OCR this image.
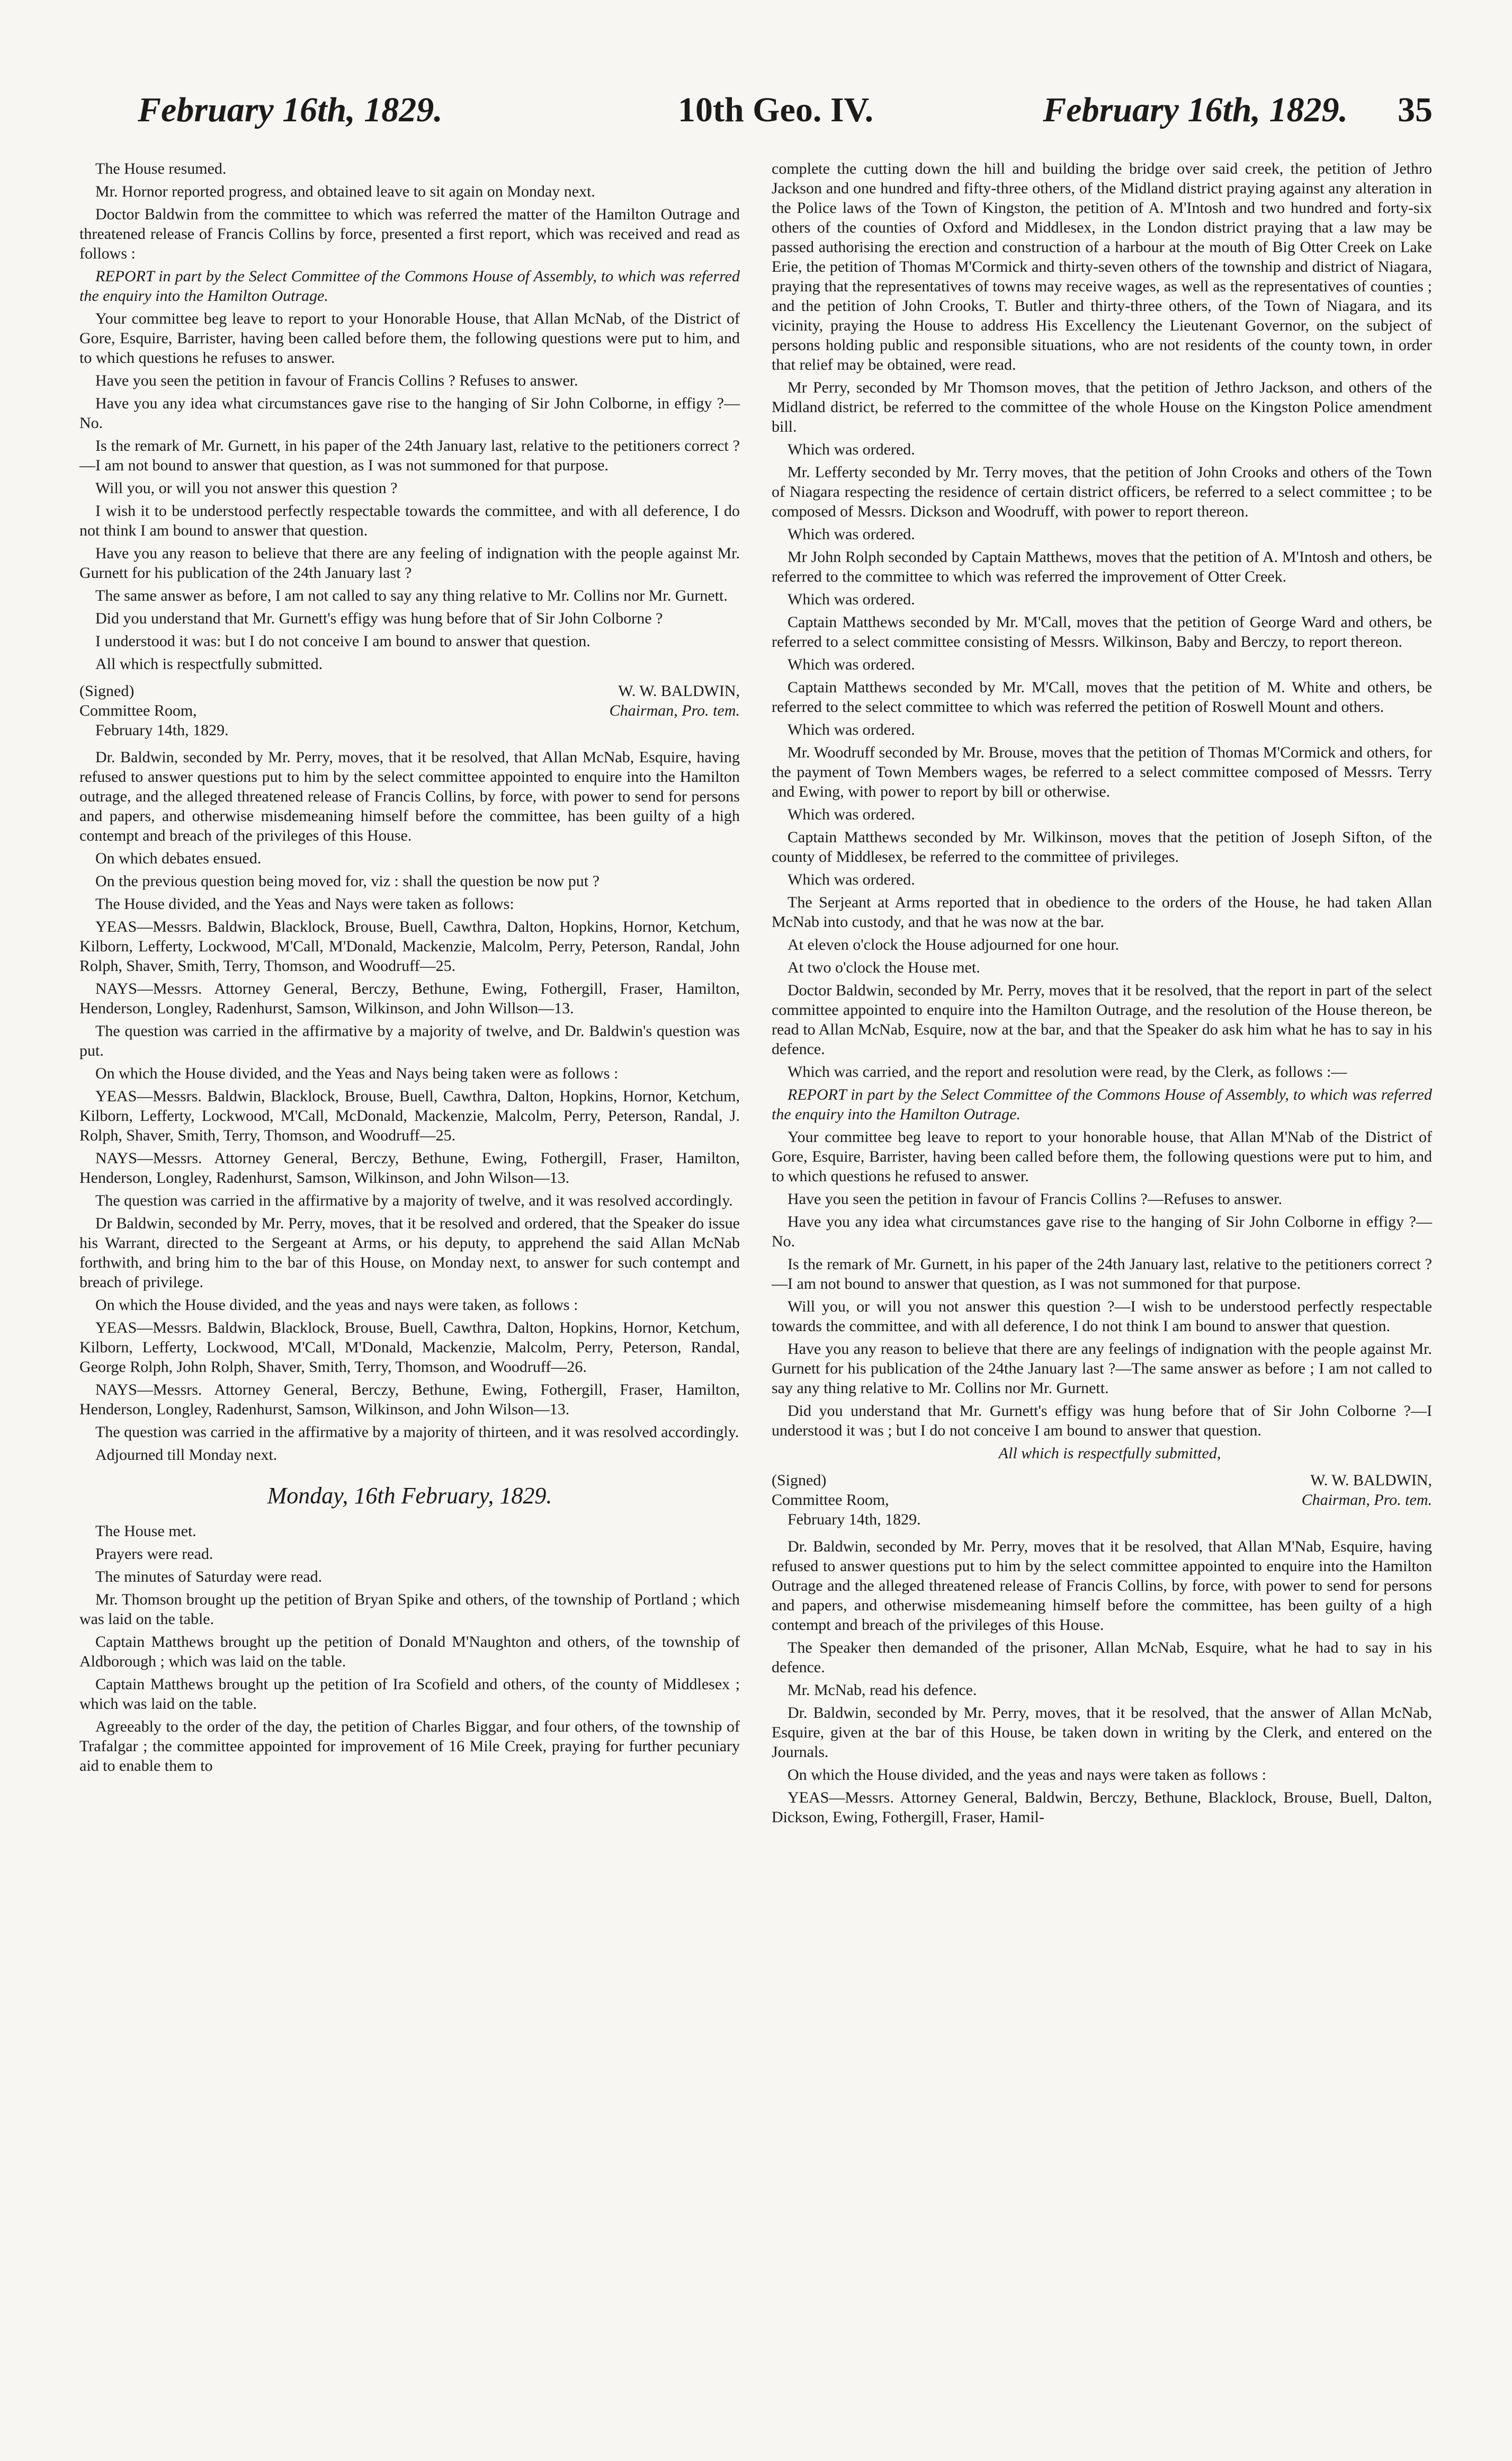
February 16th, 1829.	10th Geo. IV.	February 16th, 1829. 35

The House resumed.

Mr. Hornor reported progress, and obtained leave to sit again on Monday next.

Doctor Baldwin from the committee to which was referred the matter of the Hamilton Outrage and threatened release of Francis Collins by force, presented a first report, which was received and read as follows :

REPORT in part by the Select Committee of the Commons House of Assembly, to which was referred the enquiry into the Hamilton Outrage.

Your committee beg leave to report to your Honorable House, that Allan McNab, of the District of Gore, Esquire, Barrister, having been called before them, the following questions were put to him, and to which questions he refuses to answer.

Have you seen the petition in favour of Francis Collins ? Refuses to answer.

Have you any idea what circumstances gave rise to the hanging of Sir John Colborne, in effigy ?—No.

Is the remark of Mr. Gurnett, in his paper of the 24th January last, relative to the petitioners correct ?—I am not bound to answer that question, as I was not summoned for that purpose.

Will you, or will you not answer this question ?

I wish it to be understood perfectly respectable towards the committee, and with all deference, I do not think I am bound to answer that question.

Have you any reason to believe that there are any feeling of indignation with the people against Mr. Gurnett for his publication of the 24th January last ?

The same answer as before, I am not called to say any thing relative to Mr. Collins nor Mr. Gurnett.

Did you understand that Mr. Gurnett's effigy was hung before that of Sir John Colborne ?

I understood it was: but I do not conceive I am bound to answer that question.

All which is respectfully submitted.

(Signed)	W. W. BALDWIN,
Committee Room,	Chairman, Pro. tem.
February 14th, 1829.

Dr. Baldwin, seconded by Mr. Perry, moves, that it be resolved, that Allan McNab, Esquire, having refused to answer questions put to him by the select committee appointed to enquire into the Hamilton outrage, and the alleged threatened release of Francis Collins, by force, with power to send for persons and papers, and otherwise misdemeaning himself before the committee, has been guilty of a high contempt and breach of the privileges of this House.

On which debates ensued.

On the previous question being moved for, viz : shall the question be now put ?

The House divided, and the Yeas and Nays were taken as follows:

YEAS—Messrs. Baldwin, Blacklock, Brouse, Buell, Cawthra, Dalton, Hopkins, Hornor, Ketchum, Kilborn, Lefferty, Lockwood, M'Call, M'Donald, Mackenzie, Malcolm, Perry, Peterson, Randal, John Rolph, Shaver, Smith, Terry, Thomson, and Woodruff—25.

NAYS—Messrs. Attorney General, Berczy, Bethune, Ewing, Fothergill, Fraser, Hamilton, Henderson, Longley, Radenhurst, Samson, Wilkinson, and John Willson—13.

The question was carried in the affirmative by a majority of twelve, and Dr. Baldwin's question was put.

On which the House divided, and the Yeas and Nays being taken were as follows :

YEAS—Messrs. Baldwin, Blacklock, Brouse, Buell, Cawthra, Dalton, Hopkins, Hornor, Ketchum, Kilborn, Lefferty, Lockwood, M'Call, McDonald, Mackenzie, Malcolm, Perry, Peterson, Randal, J. Rolph, Shaver, Smith, Terry, Thomson, and Woodruff—25.

NAYS—Messrs. Attorney General, Berczy, Bethune, Ewing, Fothergill, Fraser, Hamilton, Henderson, Longley, Radenhurst, Samson, Wilkinson, and John Wilson—13.

The question was carried in the affirmative by a majority of twelve, and it was resolved accordingly.

Dr Baldwin, seconded by Mr. Perry, moves, that it be resolved and ordered, that the Speaker do issue his Warrant, directed to the Sergeant at Arms, or his deputy, to apprehend the said Allan McNab forthwith, and bring him to the bar of this House, on Monday next, to answer for such contempt and breach of privilege.

On which the House divided, and the yeas and nays were taken, as follows :

YEAS—Messrs. Baldwin, Blacklock, Brouse, Buell, Cawthra, Dalton, Hopkins, Hornor, Ketchum, Kilborn, Lefferty, Lockwood, M'Call, M'Donald, Mackenzie, Malcolm, Perry, Peterson, Randal, George Rolph, John Rolph, Shaver, Smith, Terry, Thomson, and Woodruff—26.

NAYS—Messrs. Attorney General, Berczy, Bethune, Ewing, Fothergill, Fraser, Hamilton, Henderson, Longley, Radenhurst, Samson, Wilkinson, and John Wilson—13.

The question was carried in the affirmative by a majority of thirteen, and it was resolved accordingly.

Adjourned till Monday next.

Monday, 16th February, 1829.

The House met.

Prayers were read.

The minutes of Saturday were read.

Mr. Thomson brought up the petition of Bryan Spike and others, of the township of Portland ; which was laid on the table.

Captain Matthews brought up the petition of Donald M'Naughton and others, of the township of Aldborough ; which was laid on the table.

Captain Matthews brought up the petition of Ira Scofield and others, of the county of Middlesex ; which was laid on the table.

Agreeably to the order of the day, the petition of Charles Biggar, and four others, of the township of Trafalgar ; the committee appointed for improvement of 16 Mile Creek, praying for further pecuniary aid to enable them to

complete the cutting down the hill and building the bridge over said creek, the petition of Jethro Jackson and one hundred and fifty-three others, of the Midland district praying against any alteration in the Police laws of the Town of Kingston, the petition of A. M'Intosh and two hundred and forty-six others of the counties of Oxford and Middlesex, in the London district praying that a law may be passed authorising the erection and construction of a harbour at the mouth of Big Otter Creek on Lake Erie, the petition of Thomas M'Cormick and thirty-seven others of the township and district of Niagara, praying that the representatives of towns may receive wages, as well as the representatives of counties ; and the petition of John Crooks, T. Butler and thirty-three others, of the Town of Niagara, and its vicinity, praying the House to address His Excellency the Lieutenant Governor, on the subject of persons holding public and responsible situations, who are not residents of the county town, in order that relief may be obtained, were read.

Mr Perry, seconded by Mr Thomson moves, that the petition of Jethro Jackson, and others of the Midland district, be referred to the committee of the whole House on the Kingston Police amendment bill.

Which was ordered.

Mr. Lefferty seconded by Mr. Terry moves, that the petition of John Crooks and others of the Town of Niagara respecting the residence of certain district officers, be referred to a select committee ; to be composed of Messrs. Dickson and Woodruff, with power to report thereon.

Which was ordered.

Mr John Rolph seconded by Captain Matthews, moves that the petition of A. M'Intosh and others, be referred to the committee to which was referred the improvement of Otter Creek.

Which was ordered.

Captain Matthews seconded by Mr. M'Call, moves that the petition of George Ward and others, be referred to a select committee consisting of Messrs. Wilkinson, Baby and Berczy, to report thereon.

Which was ordered.

Captain Matthews seconded by Mr. M'Call, moves that the petition of M. White and others, be referred to the select committee to which was referred the petition of Roswell Mount and others.

Which was ordered.

Mr. Woodruff seconded by Mr. Brouse, moves that the petition of Thomas M'Cormick and others, for the payment of Town Members wages, be referred to a select committee composed of Messrs. Terry and Ewing, with power to report by bill or otherwise.

Which was ordered.

Captain Matthews seconded by Mr. Wilkinson, moves that the petition of Joseph Sifton, of the county of Middlesex, be referred to the committee of privileges.

Which was ordered.

The Serjeant at Arms reported that in obedience to the orders of the House, he had taken Allan McNab into custody, and that he was now at the bar.

At eleven o'clock the House adjourned for one hour.

At two o'clock the House met.

Doctor Baldwin, seconded by Mr. Perry, moves that it be resolved, that the report in part of the select committee appointed to enquire into the Hamilton Outrage, and the resolution of the House thereon, be read to Allan McNab, Esquire, now at the bar, and that the Speaker do ask him what he has to say in his defence.

Which was carried, and the report and resolution were read, by the Clerk, as follows :—

REPORT in part by the Select Committee of the Commons House of Assembly, to which was referred the enquiry into the Hamilton Outrage.

Your committee beg leave to report to your honorable house, that Allan M'Nab of the District of Gore, Esquire, Barrister, having been called before them, the following questions were put to him, and to which questions he refused to answer.

Have you seen the petition in favour of Francis Collins ?—Refuses to answer.

Have you any idea what circumstances gave rise to the hanging of Sir John Colborne in effigy ?—No.

Is the remark of Mr. Gurnett, in his paper of the 24th January last, relative to the petitioners correct ?—I am not bound to answer that question, as I was not summoned for that purpose.

Will you, or will you not answer this question ?—I wish to be understood perfectly respectable towards the committee, and with all deference, I do not think I am bound to answer that question.

Have you any reason to believe that there are any feelings of indignation with the people against Mr. Gurnett for his publication of the 24the January last ?—The same answer as before ; I am not called to say any thing relative to Mr. Collins nor Mr. Gurnett.

Did you understand that Mr. Gurnett's effigy was hung before that of Sir John Colborne ?—I understood it was ; but I do not conceive I am bound to answer that question.

All which is respectfully submitted,

(Signed)	W. W. BALDWIN,
Committee Room,	Chairman, Pro. tem.
February 14th, 1829.

Dr. Baldwin, seconded by Mr. Perry, moves that it be resolved, that Allan M'Nab, Esquire, having refused to answer questions put to him by the select committee appointed to enquire into the Hamilton Outrage and the alleged threatened release of Francis Collins, by force, with power to send for persons and papers, and otherwise misdemeaning himself before the committee, has been guilty of a high contempt and breach of the privileges of this House.

The Speaker then demanded of the prisoner, Allan McNab, Esquire, what he had to say in his defence.

Mr. McNab, read his defence.

Dr. Baldwin, seconded by Mr. Perry, moves, that it be resolved, that the answer of Allan McNab, Esquire, given at the bar of this House, be taken down in writing by the Clerk, and entered on the Journals.

On which the House divided, and the yeas and nays were taken as follows :

YEAS—Messrs. Attorney General, Baldwin, Berczy, Bethune, Blacklock, Brouse, Buell, Dalton, Dickson, Ewing, Fothergill, Fraser, Hamil-
